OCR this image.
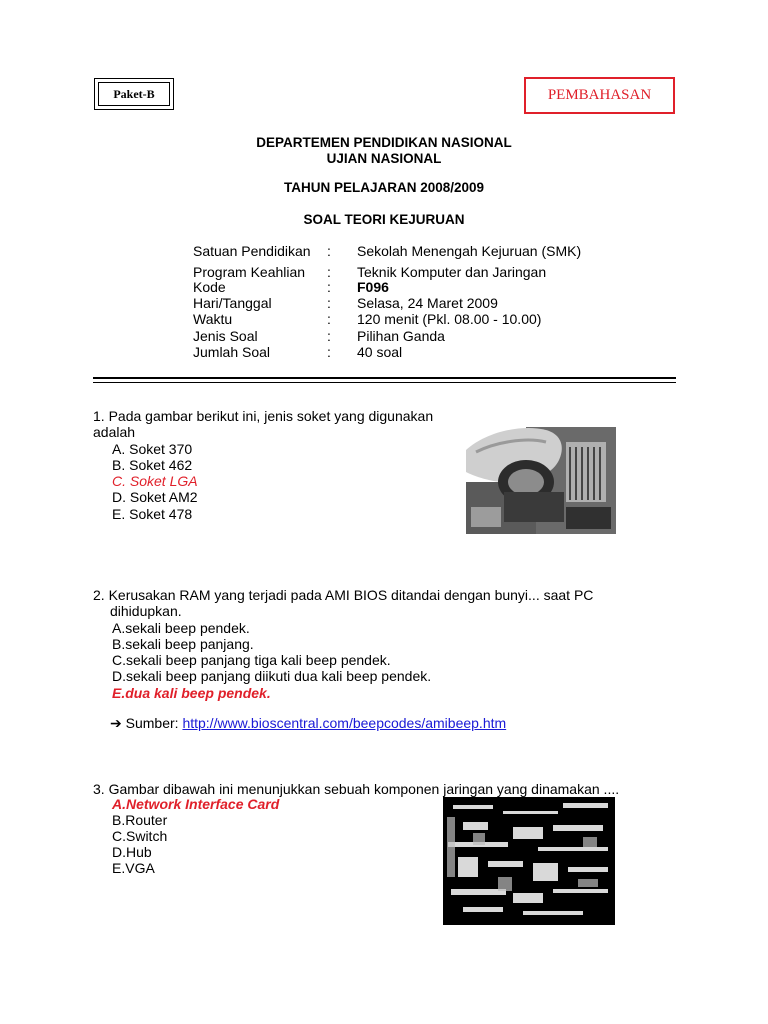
Paket-B	PEMBAHASAN
DEPARTEMEN PENDIDIKAN NASIONAL
UJIAN NASIONAL
TAHUN PELAJARAN 2008/2009
SOAL TEORI KEJURUAN
Satuan Pendidikan : Sekolah Menengah Kejuruan (SMK)
Program Keahlian : Teknik Komputer dan Jaringan
Kode	: F096
Hari/Tanggal	: Selasa, 24 Maret 2009
Waktu	: 120 menit (Pkl. 08.00 - 10.00)
Jenis Soal	: Pilihan Ganda
Jumlah Soal	: 40 soal
1. Pada gambar berikut ini, jenis soket yang digunakan
adalah
A. Soket 370
B. Soket 462
C. Soket LGA
D. Soket AM2
E. Soket 478
2. Kerusakan RAM yang terjadi pada AMI BIOS ditandai dengan bunyi... saat PC
dihidupkan.
A.sekali beep pendek.
B.sekali beep panjang.
C.sekali beep panjang tiga kali beep pendek.
D.sekali beep panjang diikuti dua kali beep pendek.
E.dua kali beep pendek.
➔ Sumber: http://www.bioscentral.com/beepcodes/amibeep.htm
3. Gambar dibawah ini menunjukkan sebuah komponen jaringan yang dinamakan ....
A.Network Interface Card
B.Router
C.Switch
D.Hub
E.VGA
